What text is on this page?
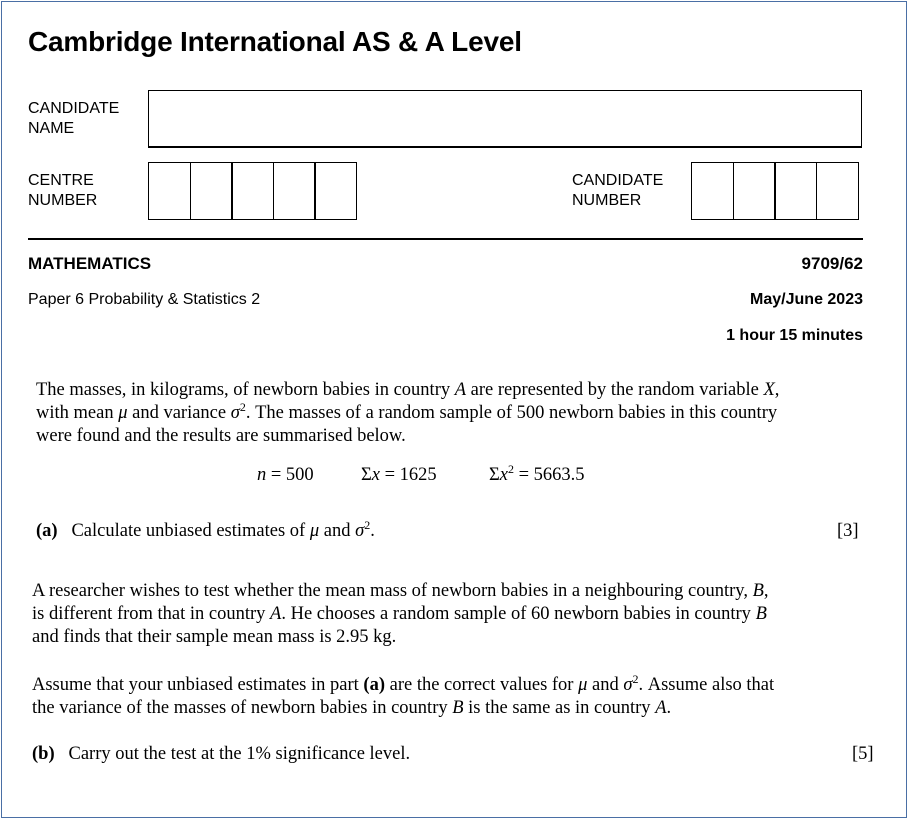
Cambridge International AS & A Level
CANDIDATE
NAME
CENTRE
NUMBER
CANDIDATE
NUMBER
MATHEMATICS	9709/62
Paper 6 Probability & Statistics 2	May/June 2023
1 hour 15 minutes
The masses, in kilograms, of newborn babies in country A are represented by the random variable X,
with mean μ and variance $\sigma^2$. The masses of a random sample of 500 newborn babies in this country
were found and the results are summarised below.
n = 500	Σx = 1625	$\Sigma x^2 = 5663.5$
(a) Calculate unbiased estimates of μ and $\sigma^2$.	[3]
A researcher wishes to test whether the mean mass of newborn babies in a neighbouring country, B,
is different from that in country A. He chooses a random sample of 60 newborn babies in country B
and finds that their sample mean mass is 2.95 kg.
Assume that your unbiased estimates in part (a) are the correct values for μ and $\sigma^2$. Assume also that
the variance of the masses of newborn babies in country B is the same as in country A.
(b) Carry out the test at the 1% significance level.	[5]
